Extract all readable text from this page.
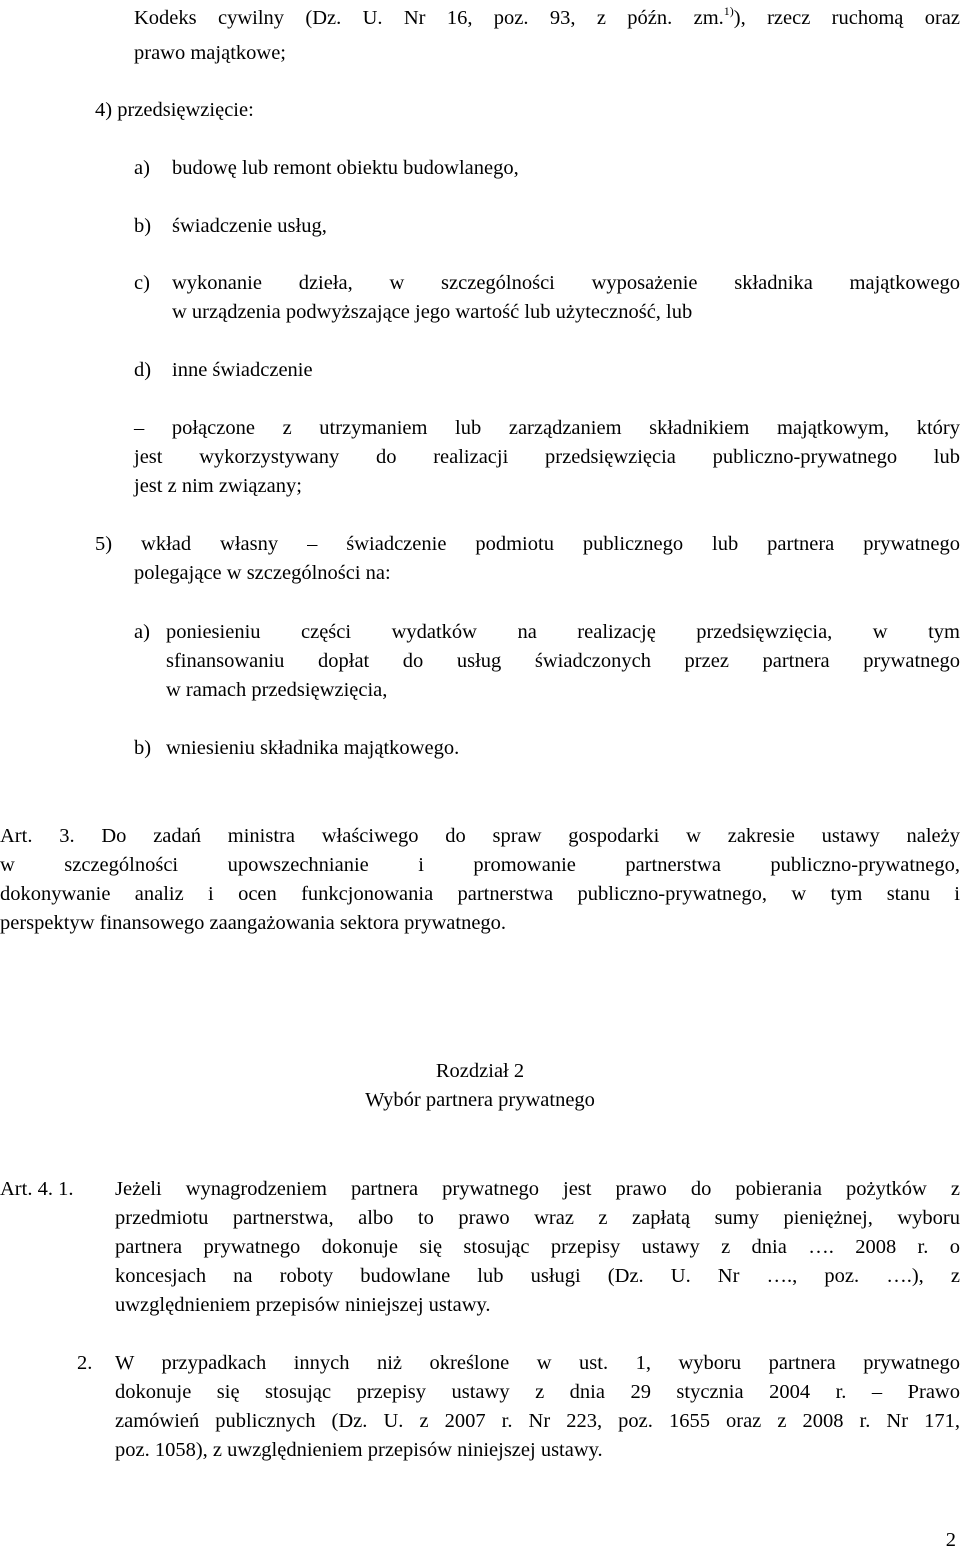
Kodeks cywilny (Dz. U. Nr 16, poz. 93, z późn. zm.$^{1)}$), rzecz ruchomą oraz
prawo majątkowe;
4) przedsięwzięcie:
a) budowę lub remont obiektu budowlanego,
b) świadczenie usług,
c) wykonanie dzieła, w szczególności wyposażenie składnika majątkowego
w urządzenia podwyższające jego wartość lub użyteczność, lub
d) inne świadczenie
– połączone z utrzymaniem lub zarządzaniem składnikiem majątkowym, który
jest wykorzystywany do realizacji przedsięwzięcia publiczno-prywatnego lub
jest z nim związany;
5) wkład własny – świadczenie podmiotu publicznego lub partnera prywatnego
polegające w szczególności na:
a) poniesieniu części wydatków na realizację przedsięwzięcia, w tym
sfinansowaniu dopłat do usług świadczonych przez partnera prywatnego
w ramach przedsięwzięcia,
b) wniesieniu składnika majątkowego.
Art. 3. Do zadań ministra właściwego do spraw gospodarki w zakresie ustawy należy
w szczególności upowszechnianie i promowanie partnerstwa publiczno-prywatnego,
dokonywanie analiz i ocen funkcjonowania partnerstwa publiczno-prywatnego, w tym stanu i
perspektyw finansowego zaangażowania sektora prywatnego.
Rozdział 2
Wybór partnera prywatnego
Art. 4. 1. Jeżeli wynagrodzeniem partnera prywatnego jest prawo do pobierania pożytków z
przedmiotu partnerstwa, albo to prawo wraz z zapłatą sumy pieniężnej, wyboru
partnera prywatnego dokonuje się stosując przepisy ustawy z dnia …. 2008 r. o
koncesjach na roboty budowlane lub usługi (Dz. U. Nr …., poz. ….), z
uwzględnieniem przepisów niniejszej ustawy.
2. W przypadkach innych niż określone w ust. 1, wyboru partnera prywatnego
dokonuje się stosując przepisy ustawy z dnia 29 stycznia 2004 r. – Prawo
zamówień publicznych (Dz. U. z 2007 r. Nr 223, poz. 1655 oraz z 2008 r. Nr 171,
poz. 1058), z uwzględnieniem przepisów niniejszej ustawy.
2
